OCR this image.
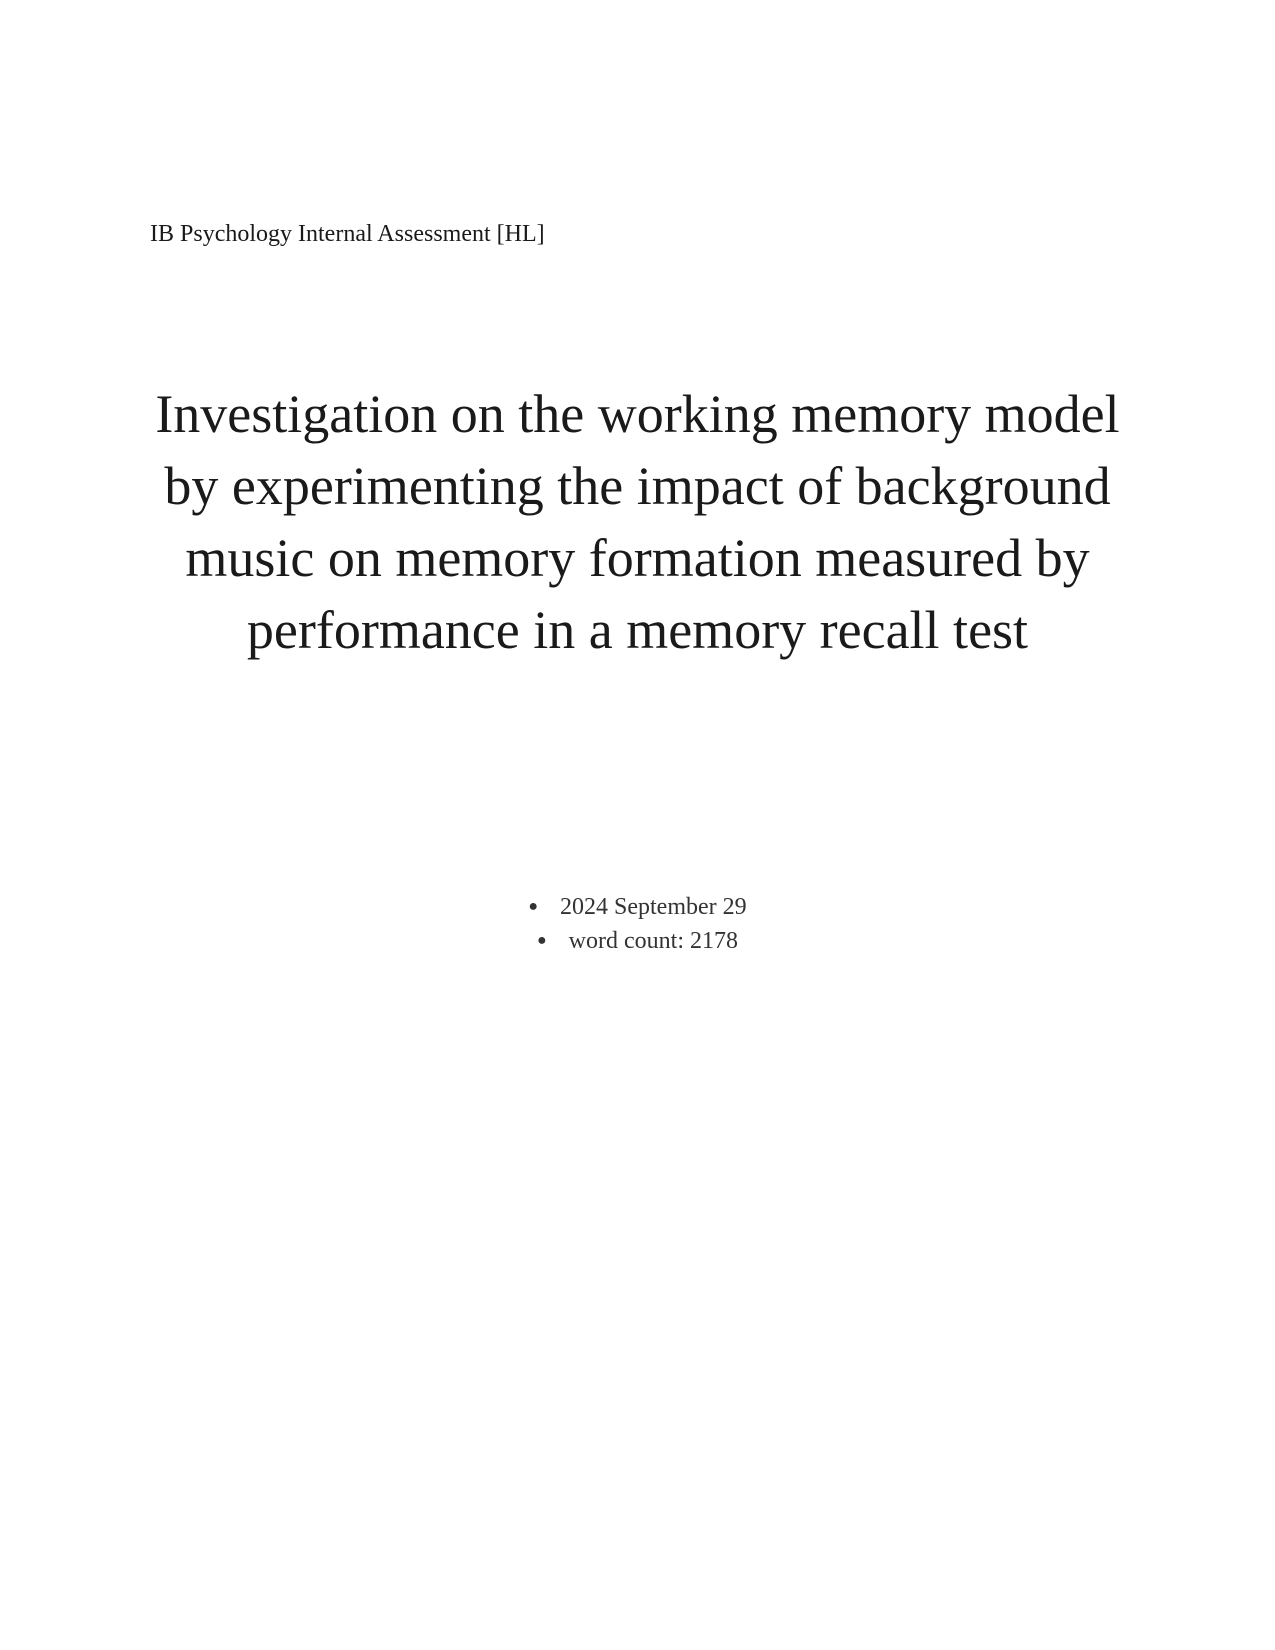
IB Psychology Internal Assessment [HL]

Investigation on the working memory model by experimenting the impact of background music on memory formation measured by performance in a memory recall test
● 2024 September 29
● word count: 2178
